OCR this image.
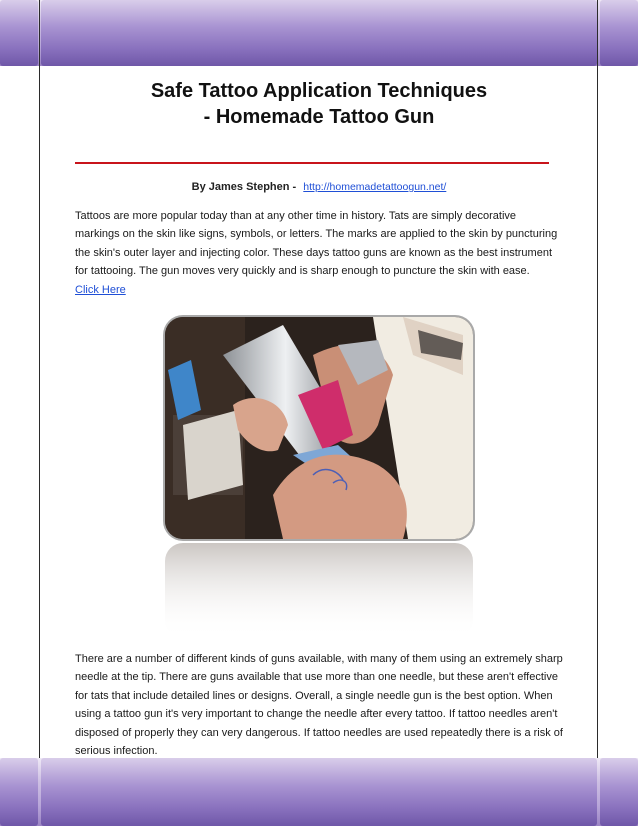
Safe Tattoo Application Techniques
- Homemade Tattoo Gun
By James Stephen - http://homemadetattoogun.net/
Tattoos are more popular today than at any other time in history. Tats are simply decorative markings on the skin like signs, symbols, or letters. The marks are applied to the skin by puncturing the skin's outer layer and injecting color. These days tattoo guns are known as the best instrument for tattooing. The gun moves very quickly and is sharp enough to puncture the skin with ease.
Click Here
There are a number of different kinds of guns available, with many of them using an extremely sharp needle at the tip. There are guns available that use more than one needle, but these aren't effective for tats that include detailed lines or designs. Overall, a single needle gun is the best option. When using a tattoo gun it's very important to change the needle after every tattoo. If tattoo needles aren't disposed of properly they can very dangerous. If tattoo needles are used repeatedly there is a risk of serious infection.
